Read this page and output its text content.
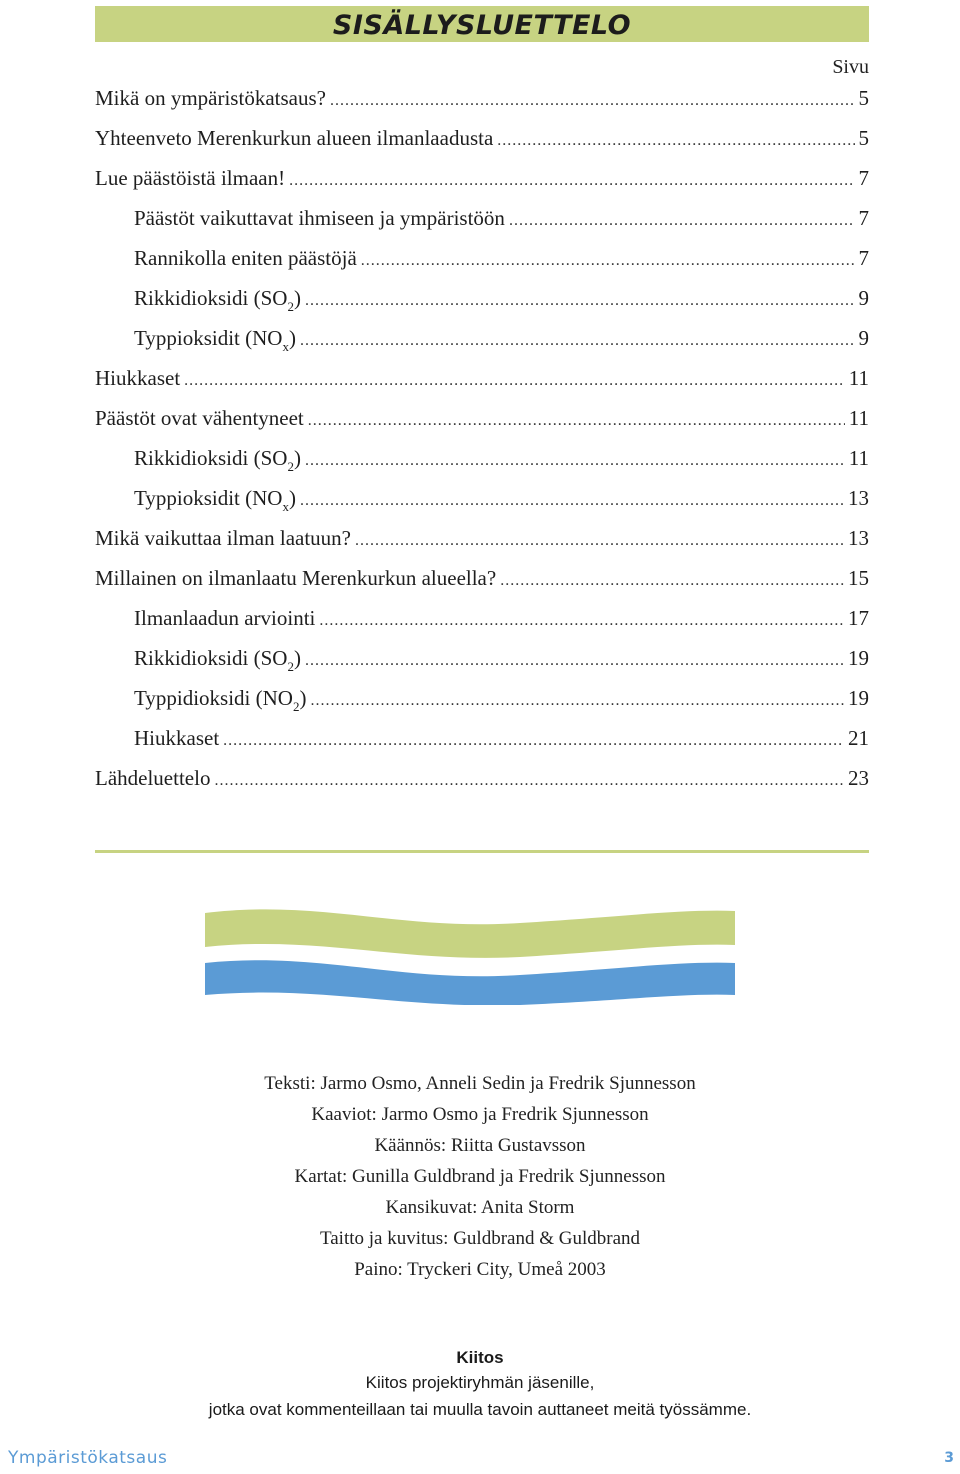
SISÄLLYSLUETTELO
Sivu
Mikä on ympäristökatsaus? .....	5
Yhteenveto Merenkurkun alueen ilmanlaadusta .....	5
Lue päästöistä ilmaan! .....	7
Päästöt vaikuttavat ihmiseen ja ympäristöön .....	7
Rannikolla eniten päästöjä .....	7
Rikkidioksidi $(SO_2)$ .....	9
Typpioksidit $(NO_x)$ .....	9
Hiukkaset .....	11
Päästöt ovat vähentyneet .....	11
Rikkidioksidi $(SO_2)$ .....	11
Typpioksidit $(NO_x)$ .....	13
Mikä vaikuttaa ilman laatuun? .....	13
Millainen on ilmanlaatu Merenkurkun alueella? .....	15
Ilmanlaadun arviointi .....	17
Rikkidioksidi $(SO_2)$ .....	19
Typpidioksidi $(NO_2)$ .....	19
Hiukkaset .....	21
Lähdeluettelo .....	23
Teksti: Jarmo Osmo, Anneli Sedin ja Fredrik Sjunnesson
Kaaviot: Jarmo Osmo ja Fredrik Sjunnesson
Käännös: Riitta Gustavsson
Kartat: Gunilla Guldbrand ja Fredrik Sjunnesson
Kansikuvat: Anita Storm
Taitto ja kuvitus: Guldbrand & Guldbrand
Paino: Tryckeri City, Umeå 2003
Kiitos
Kiitos projektiryhmän jäsenille,
jotka ovat kommenteillaan tai muulla tavoin auttaneet meitä työssämme.
Ympäristökatsaus	3
